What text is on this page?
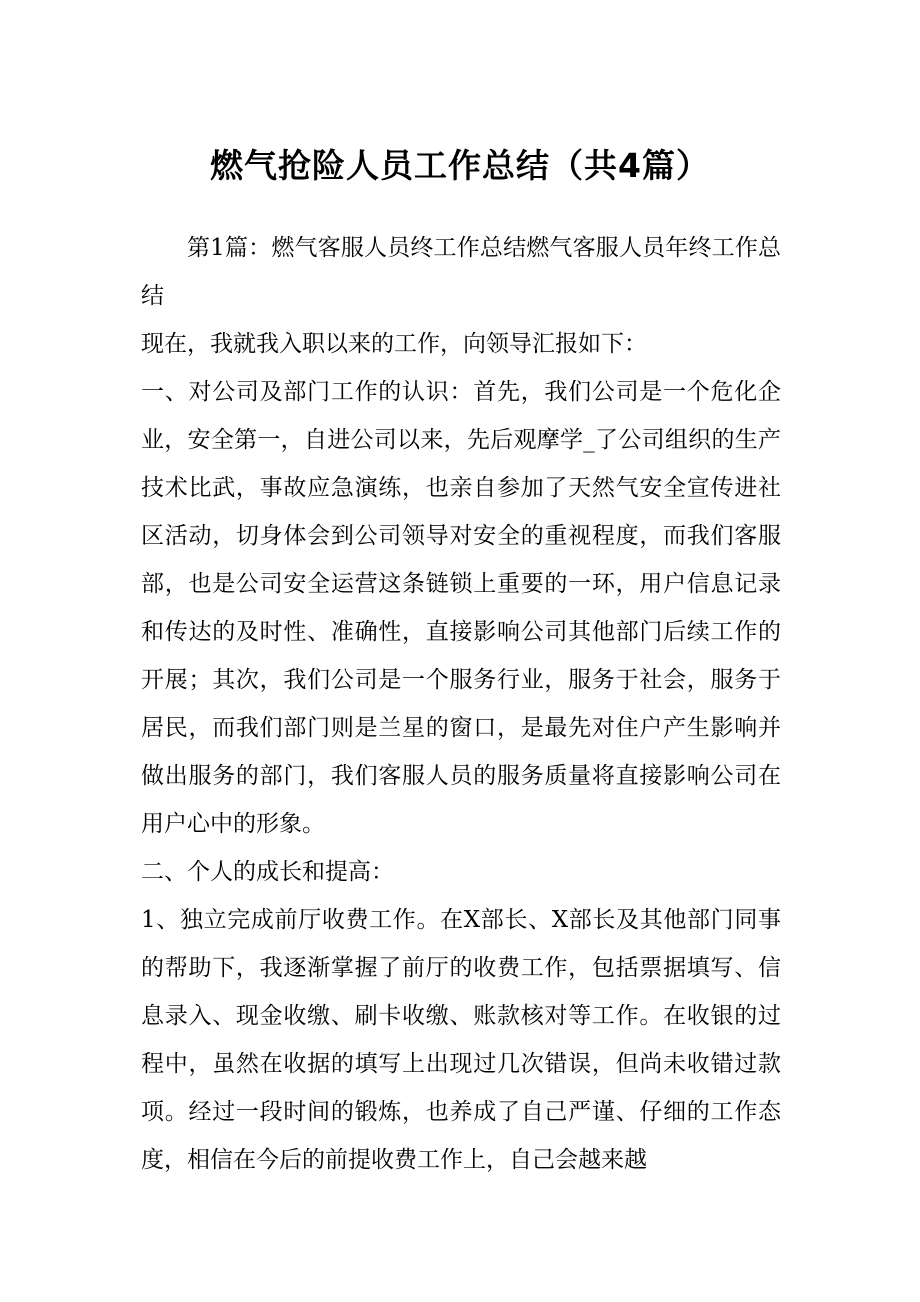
燃气抢险人员工作总结（共4篇）

第1篇：燃气客服人员终工作总结燃气客服人员年终工作总结

现在，我就我入职以来的工作，向领导汇报如下：

一、对公司及部门工作的认识：首先，我们公司是一个危化企业，安全第一，自进公司以来，先后观摩学_了公司组织的生产技术比武，事故应急演练，也亲自参加了天然气安全宣传进社区活动，切身体会到公司领导对安全的重视程度，而我们客服部，也是公司安全运营这条链锁上重要的一环，用户信息记录和传达的及时性、准确性，直接影响公司其他部门后续工作的开展；其次，我们公司是一个服务行业，服务于社会，服务于居民，而我们部门则是兰星的窗口，是最先对住户产生影响并做出服务的部门，我们客服人员的服务质量将直接影响公司在用户心中的形象。

二、个人的成长和提高：

1、独立完成前厅收费工作。在X部长、X部长及其他部门同事的帮助下，我逐渐掌握了前厅的收费工作，包括票据填写、信息录入、现金收缴、刷卡收缴、账款核对等工作。在收银的过程中，虽然在收据的填写上出现过几次错误，但尚未收错过款项。经过一段时间的锻炼，也养成了自己严谨、仔细的工作态度，相信在今后的前提收费工作上，自己会越来越
